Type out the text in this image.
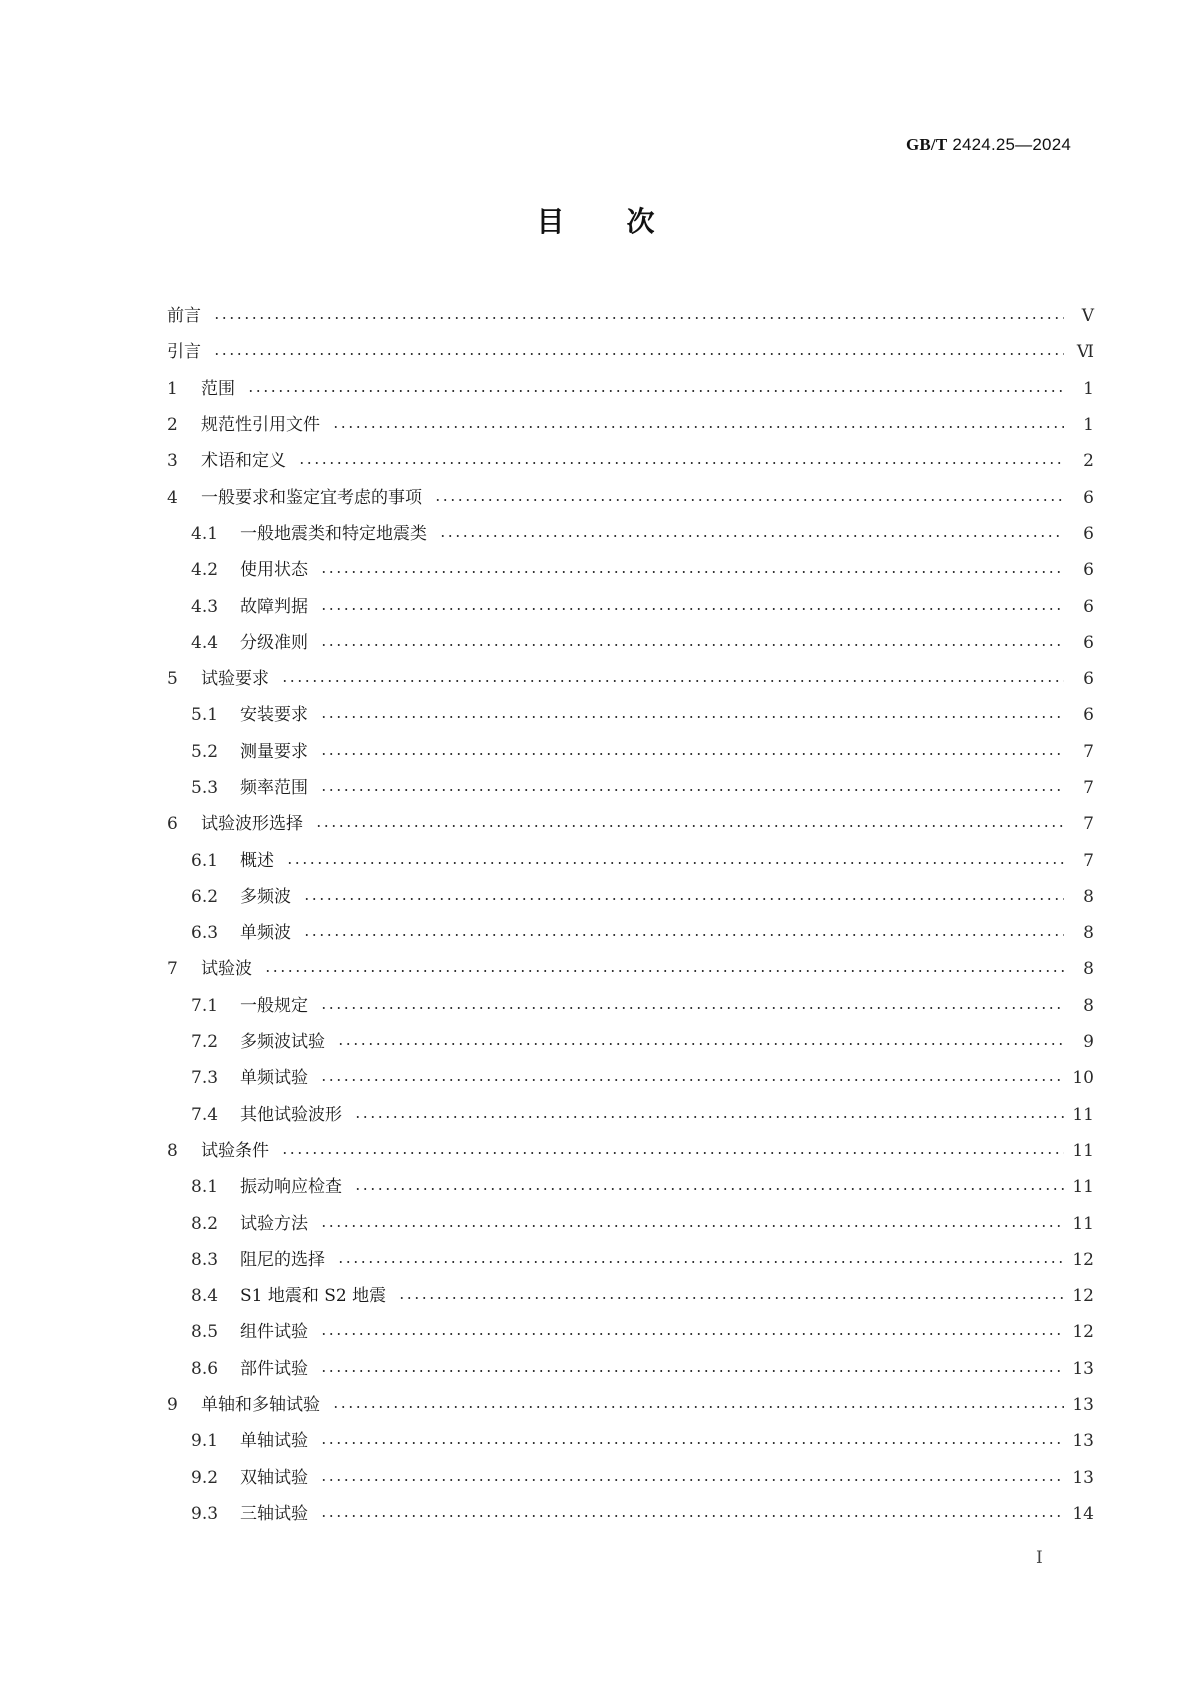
GB/T 2424.25—2024
目 次
前言	Ⅴ
引言	Ⅵ
1	范围	1
2	规范性引用文件	1
3	术语和定义	2
4	一般要求和鉴定宜考虑的事项	6
4.1	一般地震类和特定地震类	6
4.2	使用状态	6
4.3	故障判据	6
4.4	分级准则	6
5	试验要求	6
5.1	安装要求	6
5.2	测量要求	7
5.3	频率范围	7
6	试验波形选择	7
6.1	概述	7
6.2	多频波	8
6.3	单频波	8
7	试验波	8
7.1	一般规定	8
7.2	多频波试验	9
7.3	单频试验	10
7.4	其他试验波形	11
8	试验条件	11
8.1	振动响应检查	11
8.2	试验方法	11
8.3	阻尼的选择	12
8.4	S1 地震和 S2 地震	12
8.5	组件试验	12
8.6	部件试验	13
9	单轴和多轴试验	13
9.1	单轴试验	13
9.2	双轴试验	13
9.3	三轴试验	14
I
